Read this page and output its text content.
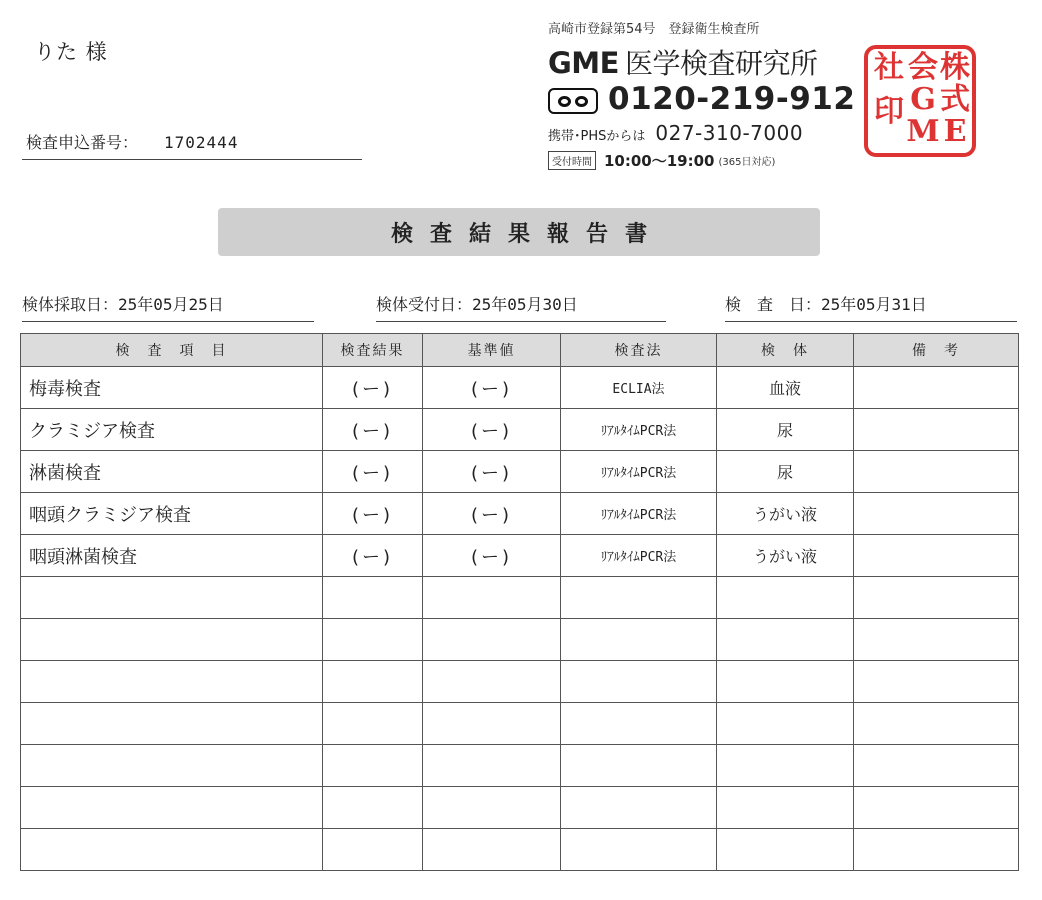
りた 様
検査申込番号： 1702444
高崎市登録第54号　登録衛生検査所
GME 医学検査研究所
0120-219-912
携帯･PHSからは 027-310-7000
受付時間 10:00〜19:00 (365日対応)
株
式
会
G
M E
社
印
検査結果報告書
検体採取日：25年05月25日	検体受付日：25年05月30日	検　査　日：25年05月31日
検　査　項　目	検査結果	基準値	検査法	検　体	備　考
梅毒検査	(ー)	(ー)	ECLIA法	血液	
クラミジア検査	(ー)	(ー)	ﾘｱﾙﾀｲﾑPCR法	尿	
淋菌検査	(ー)	(ー)	ﾘｱﾙﾀｲﾑPCR法	尿	
咽頭クラミジア検査	(ー)	(ー)	ﾘｱﾙﾀｲﾑPCR法	うがい液	
咽頭淋菌検査	(ー)	(ー)	ﾘｱﾙﾀｲﾑPCR法	うがい液	
